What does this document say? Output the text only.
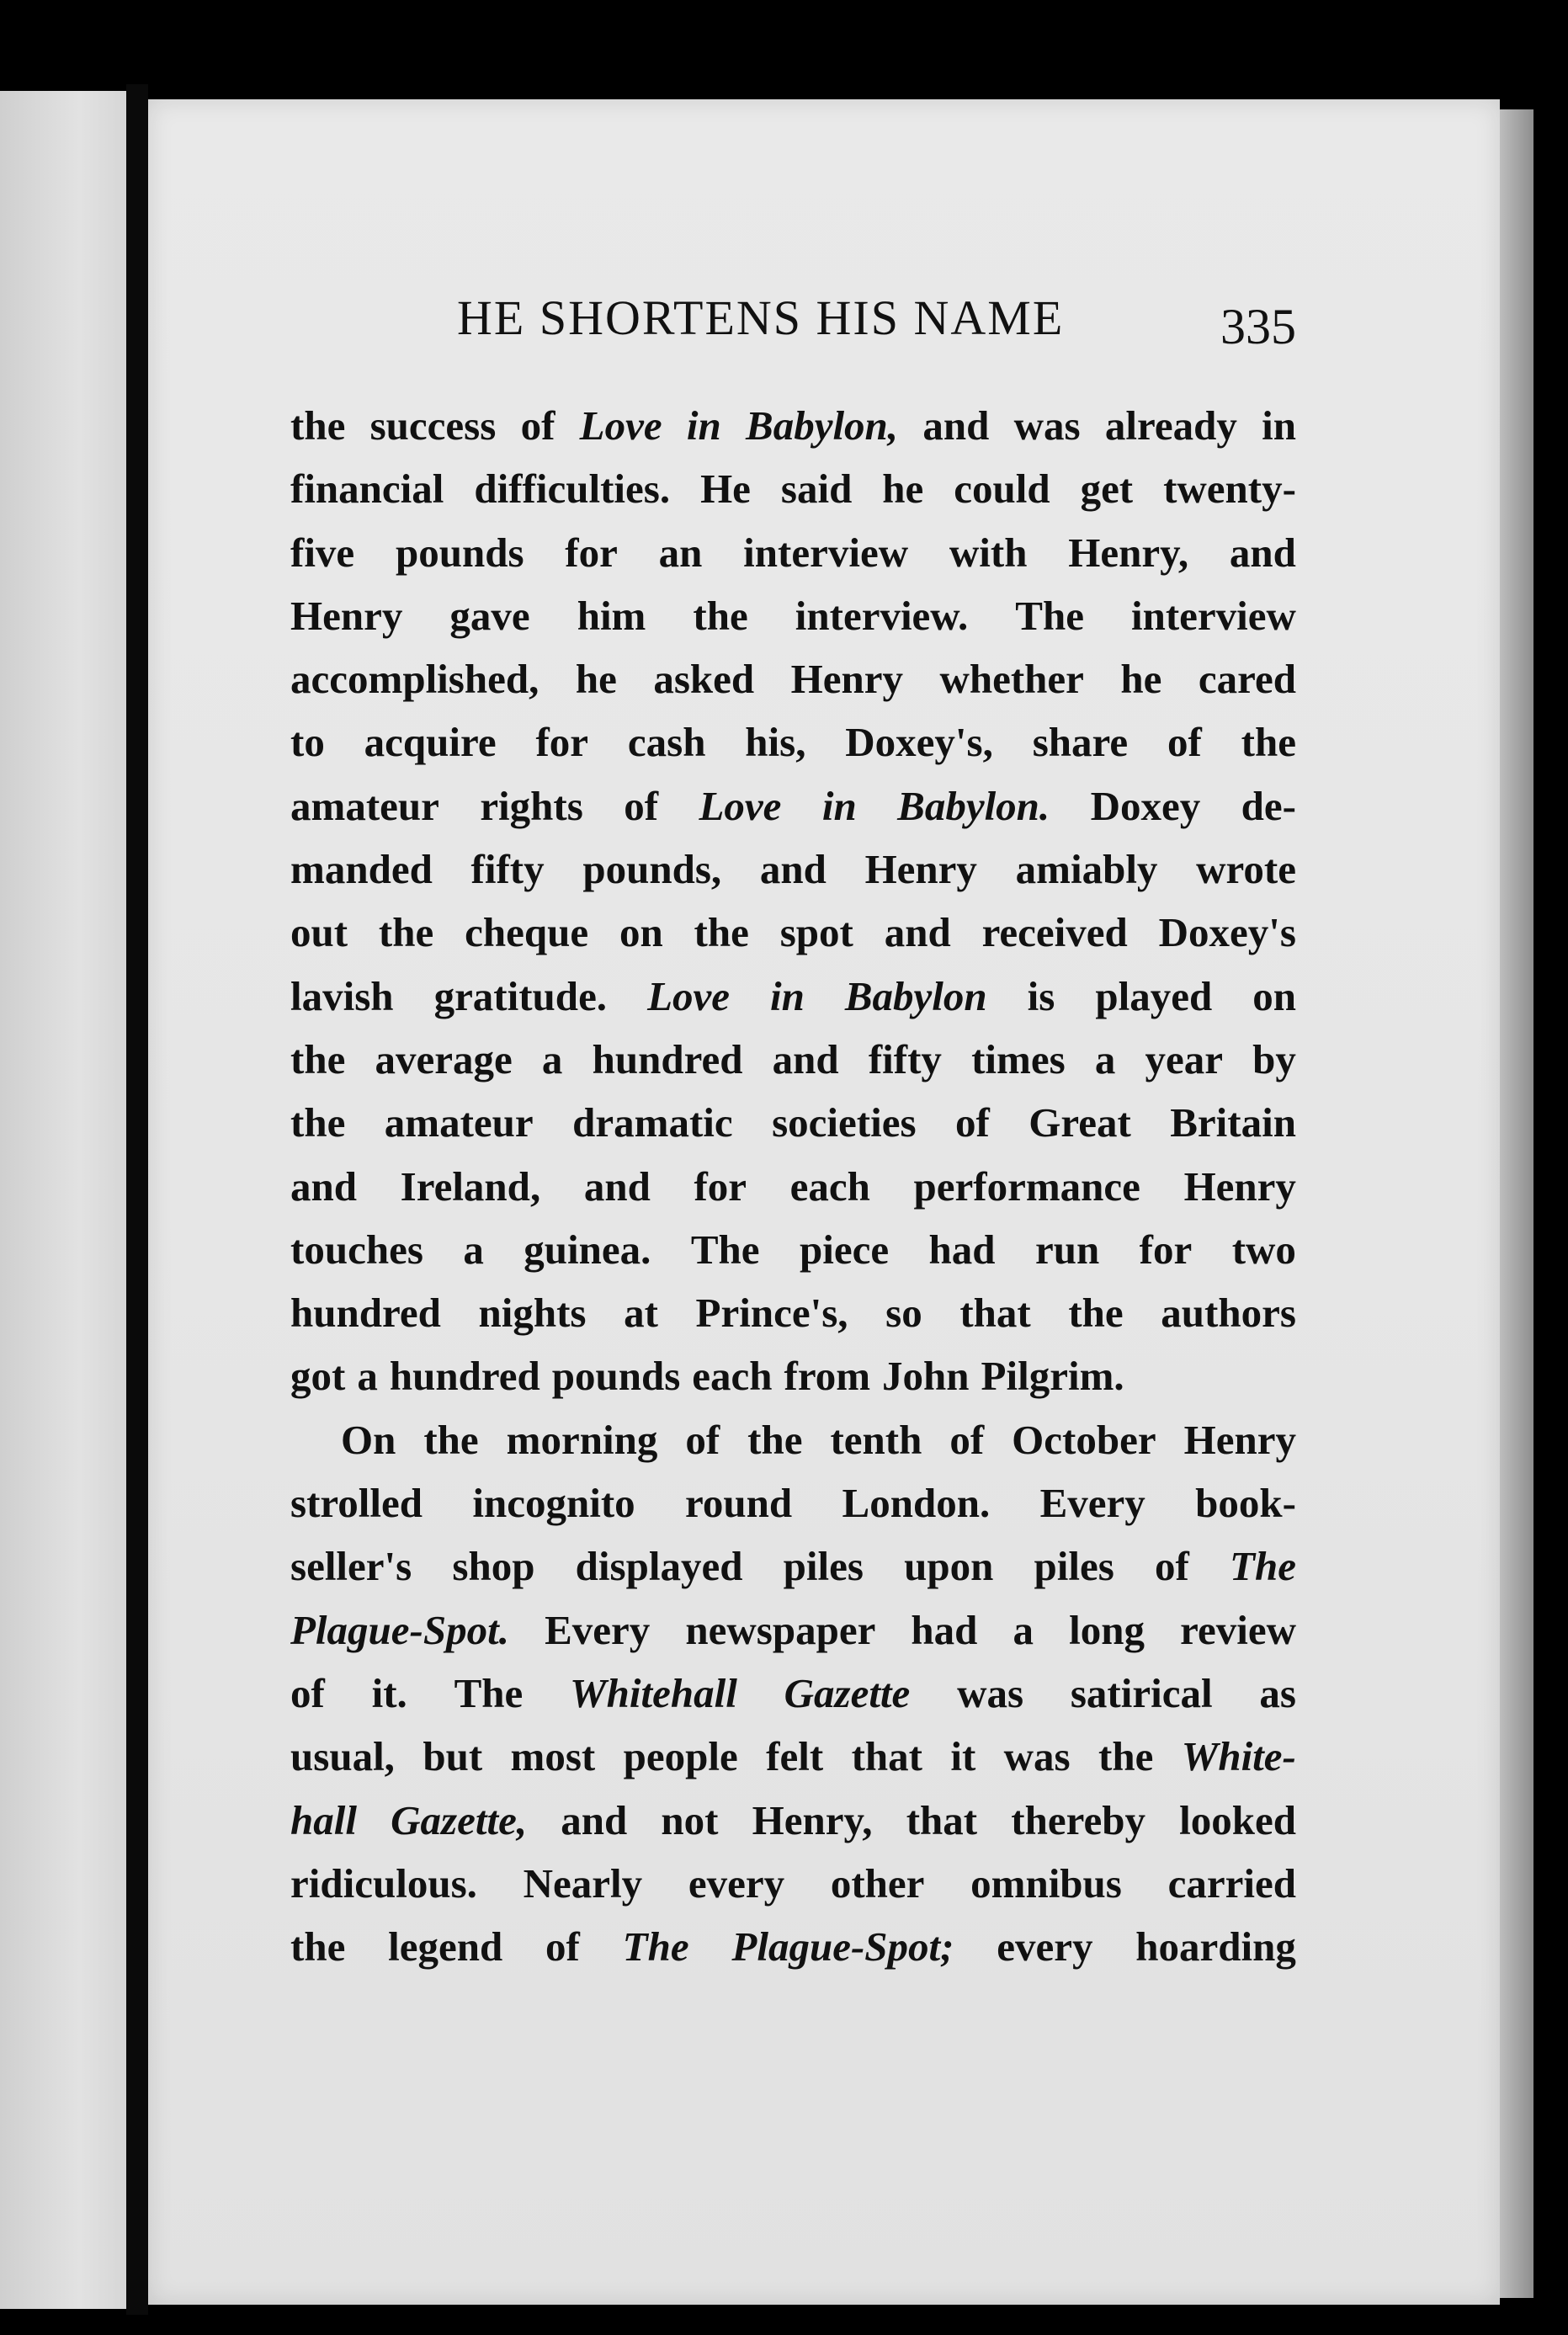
HE SHORTENS HIS NAME	335
the success of Love in Babylon, and was already in
financial difficulties. He said he could get twenty-
five pounds for an interview with Henry, and
Henry gave him the interview. The interview
accomplished, he asked Henry whether he cared
to acquire for cash his, Doxey's, share of the
amateur rights of Love in Babylon. Doxey de-
manded fifty pounds, and Henry amiably wrote
out the cheque on the spot and received Doxey's
lavish gratitude. Love in Babylon is played on
the average a hundred and fifty times a year by
the amateur dramatic societies of Great Britain
and Ireland, and for each performance Henry
touches a guinea. The piece had run for two
hundred nights at Prince's, so that the authors
got a hundred pounds each from John Pilgrim.
On the morning of the tenth of October Henry
strolled incognito round London. Every book-
seller's shop displayed piles upon piles of The
Plague-Spot. Every newspaper had a long review
of it. The Whitehall Gazette was satirical as
usual, but most people felt that it was the White-
hall Gazette, and not Henry, that thereby looked
ridiculous. Nearly every other omnibus carried
the legend of The Plague-Spot; every hoarding
